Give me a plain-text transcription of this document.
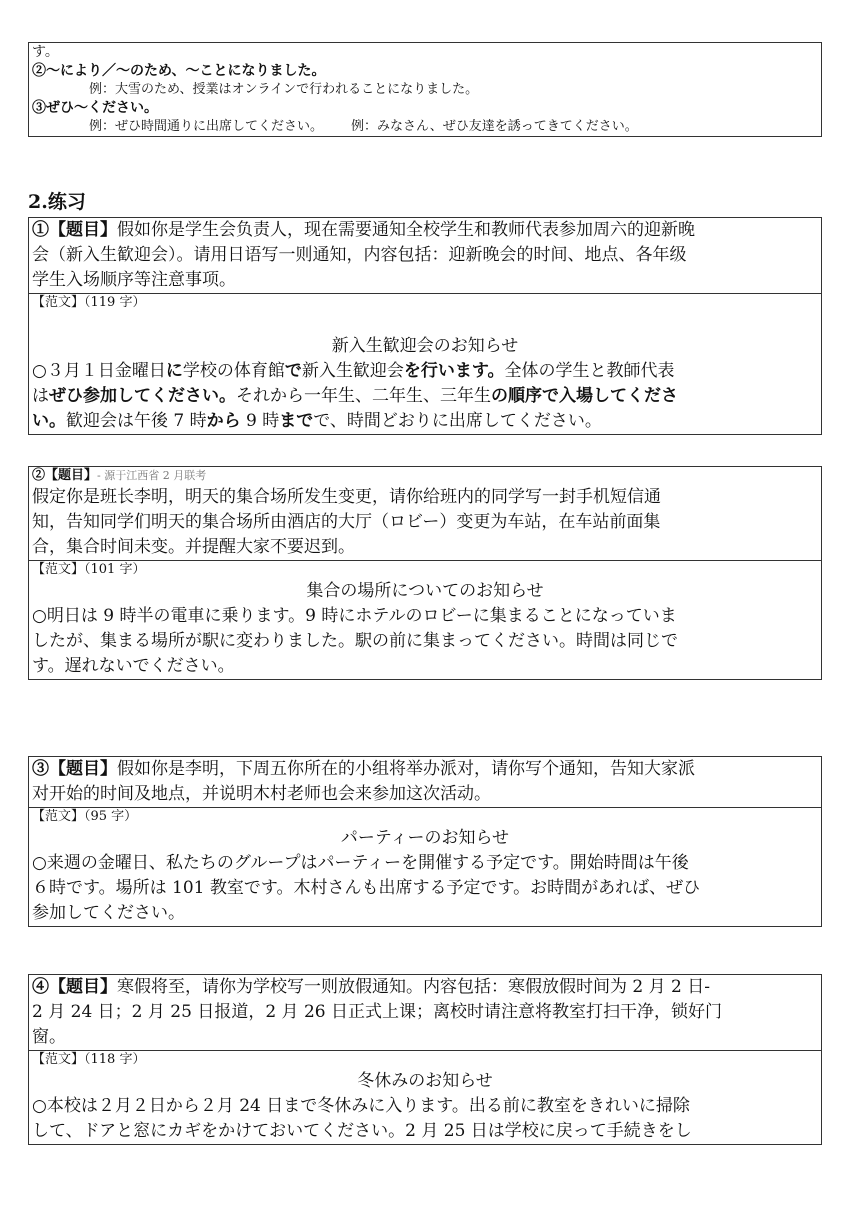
す。
②～により／～のため、～ことになりました。
例：大雪のため、授業はオンラインで行われることになりました。
③ぜひ～ください。
例：ぜひ時間通りに出席してください。 例：みなさん、ぜひ友達を誘ってきてください。
2.练习
①【题目】假如你是学生会负责人，现在需要通知全校学生和教师代表参加周六的迎新晚
会（新入生歓迎会）。请用日语写一则通知，内容包括：迎新晚会的时间、地点、各年级
学生入场顺序等注意事项。
【范文】（119 字）
新入生歓迎会のお知らせ
○３月１日金曜日に学校の体育館で新入生歓迎会を行います。全体の学生と教師代表
はぜひ参加してください。それから一年生、二年生、三年生の順序で入場してくださ
い。歓迎会は午後 7 時から 9 時までで、時間どおりに出席してください。
②【题目】- 源于江西省 2 月联考
假定你是班长李明，明天的集合场所发生变更，请你给班内的同学写一封手机短信通
知，告知同学们明天的集合场所由酒店的大厅（ロビー）变更为车站，在车站前面集
合，集合时间未变。并提醒大家不要迟到。
【范文】（101 字）
集合の場所についてのお知らせ
○明日は 9 時半の電車に乗ります。9 時にホテルのロビーに集まることになっていま
したが、集まる場所が駅に変わりました。駅の前に集まってください。時間は同じで
す。遅れないでください。
③【题目】假如你是李明，下周五你所在的小组将举办派对，请你写个通知，告知大家派
对开始的时间及地点，并说明木村老师也会来参加这次活动。
【范文】（95 字）
パーティーのお知らせ
○来週の金曜日、私たちのグループはパーティーを開催する予定です。開始時間は午後
６時です。場所は 101 教室です。木村さんも出席する予定です。お時間があれば、ぜひ
参加してください。
④【题目】寒假将至，请你为学校写一则放假通知。内容包括：寒假放假时间为 2 月 2 日-
2 月 24 日；2 月 25 日报道，2 月 26 日正式上课；离校时请注意将教室打扫干净，锁好门
窗。
【范文】（118 字）
冬休みのお知らせ
○本校は２月２日から２月 24 日まで冬休みに入ります。出る前に教室をきれいに掃除
して、ドアと窓にカギをかけておいてください。2 月 25 日は学校に戻って手続きをし
